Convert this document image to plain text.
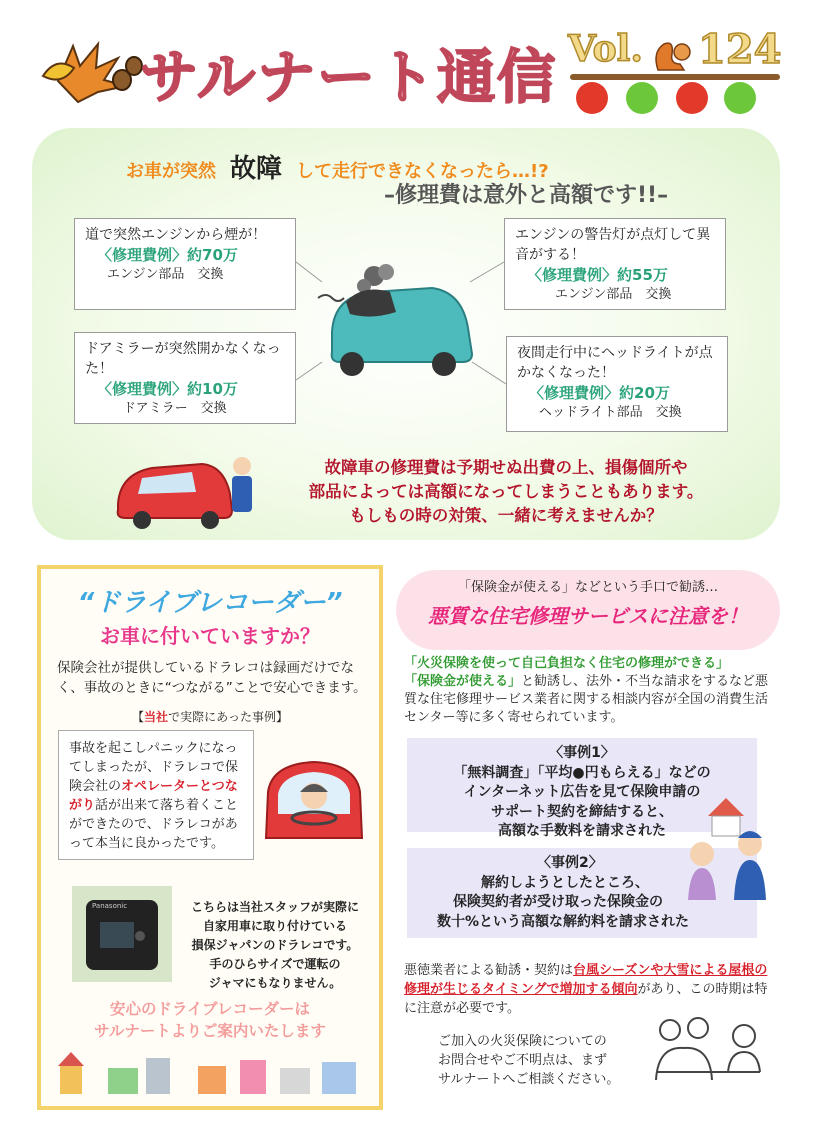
サルナート通信 Vol. 124
お車が突然 故障 して走行できなくなったら…!?
–修理費は意外と高額です!!–
道で突然エンジンから煙が！
〈修理費例〉約70万
エンジン部品　交換
エンジンの警告灯が点灯して異音がする！
〈修理費例〉約55万
エンジン部品　交換
ドアミラーが突然開かなくなった！
〈修理費例〉約10万
ドアミラー　交換
夜間走行中にヘッドライトが点かなくなった！
〈修理費例〉約20万
ヘッドライト部品　交換
故障車の修理費は予期せぬ出費の上、損傷個所や
部品によっては高額になってしまうこともあります。
もしもの時の対策、一緒に考えませんか？
“ドライブレコーダー”
お車に付いていますか？
保険会社が提供しているドラレコは録画だけでなく、事故のときに“つながる”ことで安心できます。
【当社で実際にあった事例】
事故を起こしパニックになってしまったが、ドラレコで保険会社のオペレーターとつながり話が出来て落ち着くことができたので、ドラレコがあって本当に良かったです。
Panasonic	こちらは当社スタッフが実際に
自家用車に取り付けている
損保ジャパンのドラレコです。
手のひらサイズで運転の
ジャマにもなりません。
安心のドライブレコーダーは
サルナートよりご案内いたします
「保険金が使える」などという手口で勧誘…
悪質な住宅修理サービスに注意を！
「火災保険を使って自己負担なく住宅の修理ができる」
「保険金が使える」と勧誘し、法外・不当な請求をするなど悪質な住宅修理サービス業者に関する相談内容が全国の消費生活センター等に多く寄せられています。
〈事例1〉
「無料調査」「平均●円もらえる」などの
インターネット広告を見て保険申請の
サポート契約を締結すると、
高額な手数料を請求された
〈事例2〉
解約しようとしたところ、
保険契約者が受け取った保険金の
数十%という高額な解約料を請求された
悪徳業者による勧誘・契約は台風シーズンや大雪による屋根の修理が生じるタイミングで増加する傾向があり、この時期は特に注意が必要です。
ご加入の火災保険についての
お問合せやご不明点は、まず
サルナートへご相談ください。
